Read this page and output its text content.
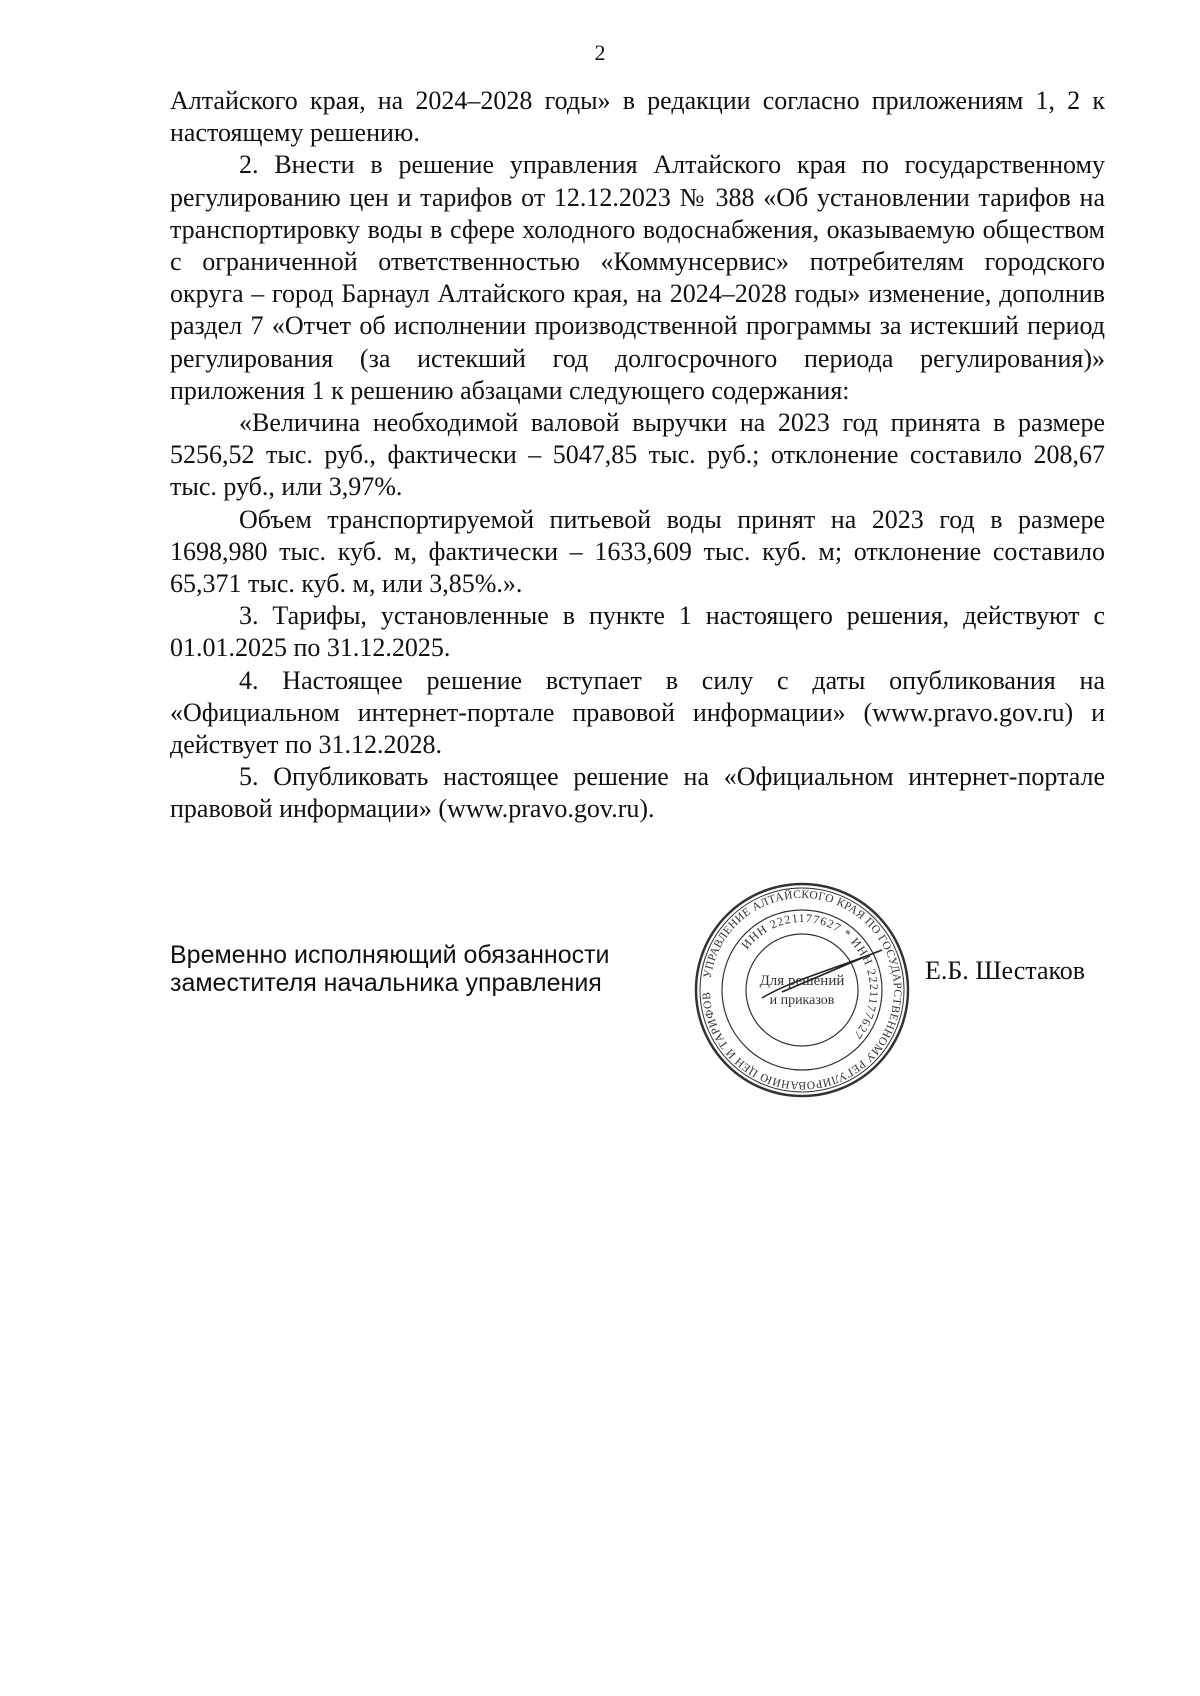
2

Алтайского края, на 2024–2028 годы» в редакции согласно приложениям 1, 2 к настоящему решению.

2. Внести в решение управления Алтайского края по государственному регулированию цен и тарифов от 12.12.2023 № 388 «Об установлении тарифов на транспортировку воды в сфере холодного водоснабжения, оказываемую обществом с ограниченной ответственностью «Коммунсервис» потребителям городского округа – город Барнаул Алтайского края, на 2024–2028 годы» изменение, дополнив раздел 7 «Отчет об исполнении производственной программы за истекший период регулирования (за истекший год долгосрочного периода регулирования)» приложения 1 к решению абзацами следующего содержания:

«Величина необходимой валовой выручки на 2023 год принята в размере 5256,52 тыс. руб., фактически – 5047,85 тыс. руб.; отклонение составило 208,67 тыс. руб., или 3,97%.

Объем транспортируемой питьевой воды принят на 2023 год в размере 1698,980 тыс. куб. м, фактически – 1633,609 тыс. куб. м; отклонение составило 65,371 тыс. куб. м, или 3,85%.».

3. Тарифы, установленные в пункте 1 настоящего решения, действуют с 01.01.2025 по 31.12.2025.

4. Настоящее решение вступает в силу с даты опубликования на «Официальном интернет-портале правовой информации» (www.pravo.gov.ru) и действует по 31.12.2028.

5. Опубликовать настоящее решение на «Официальном интернет-портале правовой информации» (www.pravo.gov.ru).

Временно исполняющий обязанности
заместителя начальника управления	УПРАВЛЕНИЕ АЛТАЙСКОГО КРАЯ ПО ГОСУДАРСТВЕННОМУ РЕГУЛИРОВАНИЮ ЦЕН И ТАРИФОВ
ИНН 2221177627 * ИНН 2221177627
Для решений
и приказов
Е.Б. Шестаков
